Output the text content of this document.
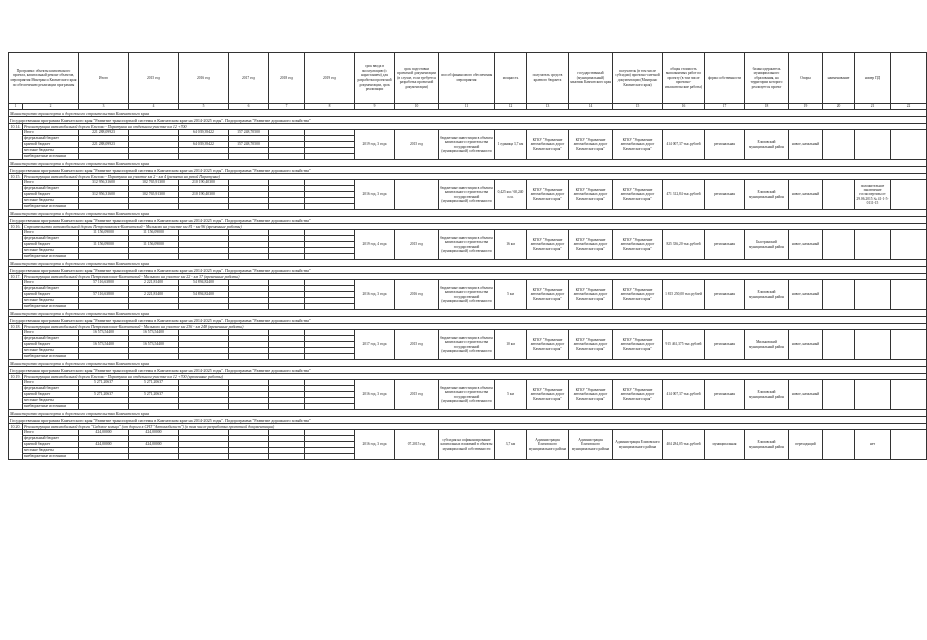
Программа: объекты комплексного проекта, капитальный ремонт объектов, мероприятия Минтранса Камчатского края по обеспечению реализации программы		Итого	2015 год	2016 год	2017 год	2018 год	2019 год	срок ввода в эксплуатацию (с нарастанием) для разработки проектной документации, срок реализации	срок подготовки проектной документации (в случае, если требуется разработка проектной документации)	способ финансового обеспечения мероприятия	мощность	получатель средств краевого бюджета	государственный (муниципальный) заказчик Камчатского края	получатель (в том числе субсидии) проектно-сметной документации (Минтранс Камчатского края)	общая стоимость выполняемых работ по проекту (в том числе проектно-изыскательские работы)	форма собственности	балансодержатель муниципального образования, на территории которого реализуется проект	Опоры	наименование	номер ПД	
1	2	3	4	5	6	7	8	9	10	11	12	13	14	15	16	17	18	19	20	21	22
Министерство транспорта и дорожного строительства Камчатского края																					
Государственная программа Камчатского края "Развитие транспортной системы в Камчатском крае на 2014-2025 годы". Подпрограмма "Развитие дорожного хозяйства"																					
10.14.	Реконструкция автомобильной дороги Елизово - Паратунка на отдельном участке км 12 +700																				
	Итого	221 288,09923		64 039,39422	157 248,70500			2019 год, 3 года	2015 год	бюджетные инвестиции в объекты капитального строительства государственной (муниципальной) собственности	1 единица 3,7 км	КГКУ "Управление автомобильных дорог Камчатского края"	КГКУ "Управление автомобильных дорог Камчатского края"	КГКУ "Управление автомобильных дорог Камчатского края"	414 007,37 тыс.рублей	региональная	Елизовский муниципальный район	новое, начальный			
	федеральный бюджет																				
	краевой бюджет	221 288,09923		64 039,39422	157 248,70500																
	местные бюджеты																				
	внебюджетные источники																				
Министерство транспорта и дорожного строительства Камчатского края																					
Государственная программа Камчатского края "Развитие транспортной системы в Камчатском крае на 2014-2025 годы". Подпрограмма "Развитие дорожного хозяйства"																					
10.15.	Реконструкция автомобильной дороги Елизово - Паратунка на участке км 2 - км 4 (развязка на рекой Паратунка)																				
	Итого	312 956,31600	102 765,91300	210 190,40300				2016 год, 3 года		бюджетные инвестиции в объекты капитального строительства государственной (муниципальной) собственности	0,425 км / 60,240 п.м.	КГКУ "Управление автомобильных дорог Камчатского края"	КГКУ "Управление автомобильных дорог Камчатского края"	КГКУ "Управление автомобильных дорог Камчатского края"	471 312,84 тыс.рублей	региональная	Елизовский муниципальный район	новое, начальный		положительное заключение госэкспертизы от 29.06.2015 № 41-1-5-0111-15	
	федеральный бюджет																				
	краевой бюджет	312 956,31600	102 765,91300	210 190,40300																	
	местные бюджеты																				
	внебюджетные источники																				
Министерство транспорта и дорожного строительства Камчатского края																					
Государственная программа Камчатского края "Развитие транспортной системы в Камчатском крае на 2014-2025 годы". Подпрограмма "Развитие дорожного хозяйства"																					
10.16.	Строительство автомобильной дороги Петропавловск-Камчатский - Мильково на участке км 81 - км 96 (временные работы)																				
	Итого	11 156,09000	11 156,09000					2019 год, 4 года	2015 год	бюджетные инвестиции в объекты капитального строительства государственной (муниципальной) собственности	16 км	КГКУ "Управление автомобильных дорог Камчатского края"	КГКУ "Управление автомобильных дорог Камчатского края"	КГКУ "Управление автомобильных дорог Камчатского края"	825 336,20 тыс.рублей	региональная	Быстринский муниципальный район	новое, начальный			
	федеральный бюджет																				
	краевой бюджет	11 156,09000	11 156,09000																		
	местные бюджеты																				
	внебюджетные источники																				
Министерство транспорта и дорожного строительства Камчатского края																					
Государственная программа Камчатского края "Развитие транспортной системы в Камчатском крае на 2014-2025 годы". Подпрограмма "Развитие дорожного хозяйства"																					
10.17.	Реконструкция автомобильной дороги Петропавловск-Камчатский - Мильково на участке км 22 - км 37 (временные работы)																				
	Итого	57 116,63800	2 221,81400	54 894,82400				2016 год, 3 года	2016 год	бюджетные инвестиции в объекты капитального строительства государственной (муниципальной) собственности	5 км	КГКУ "Управление автомобильных дорог Камчатского края"	КГКУ "Управление автомобильных дорог Камчатского края"	КГКУ "Управление автомобильных дорог Камчатского края"	1 815 250,00 тыс.рублей	региональная	Елизовский муниципальный район	новое, начальный			
	федеральный бюджет																				
	краевой бюджет	57 116,63800	2 221,81400	54 894,82400																	
	местные бюджеты																				
	внебюджетные источники																				
Министерство транспорта и дорожного строительства Камчатского края																					
Государственная программа Камчатского края "Развитие транспортной системы в Камчатском крае на 2014-2025 годы". Подпрограмма "Развитие дорожного хозяйства"																					
10.18.	Реконструкция автомобильной дороги Петропавловск-Камчатский - Мильково на участке км 236 - км 248 (временные работы)																				
	Итого	16 573,54400	16 573,54400					2017 год, 3 года	2015 год	бюджетные инвестиции в объекты капитального строительства государственной (муниципальной) собственности	10 км	КГКУ "Управление автомобильных дорог Камчатского края"	КГКУ "Управление автомобильных дорог Камчатского края"	КГКУ "Управление автомобильных дорог Камчатского края"	915 461,375 тыс.рублей	региональная	Мильковский муниципальный район	новое, начальный			
	федеральный бюджет																				
	краевой бюджет	16 573,54400	16 573,54400																		
	местные бюджеты																				
	внебюджетные источники																				
Министерство транспорта и дорожного строительства Камчатского края																					
Государственная программа Камчатского края "Развитие транспортной системы в Камчатском крае на 2014-2025 годы". Подпрограмма "Развитие дорожного хозяйства"																					
10.19.	Реконструкция автомобильной дороги Елизово - Паратунка на отдельном участке км 12 +700 (временные работы)																				
	Итого	5 271,20637	5 271,20637					2016 год, 3 года	2015 год	бюджетные инвестиции в объекты капитального строительства государственной (муниципальной) собственности	5 км	КГКУ "Управление автомобильных дорог Камчатского края"	КГКУ "Управление автомобильных дорог Камчатского края"	КГКУ "Управление автомобильных дорог Камчатского края"	414 007,37 тыс.рублей	региональная	Елизовский муниципальный район	новое, начальный			
	федеральный бюджет																				
	краевой бюджет	5 271,20637	5 271,20637																		
	местные бюджеты																				
	внебюджетные источники																				
Министерство транспорта и дорожного строительства Камчатского края																					
Государственная программа Камчатского края "Развитие транспортной системы в Камчатском крае на 2014-2025 годы". Подпрограмма "Развитие дорожного хозяйства"																					
10.20.	Реконструкция автомобильной дороги "Садовое кольцо" (от дороги к СНТ "Автомобилист") (в том числе разработка проектной документации)																				
	Итого	424,00000	424,00000					2016 год, 3 года	07.2015 год	субсидия на софинансирование капитальных вложений в объекты муниципальной собственности	3,7 км	Администрация Елизовского муниципального района	Администрация Елизовского муниципального района	Администрация Елизовского муниципального района	404 284,05 тыс.рублей	муниципальная	Елизовский муниципальный район	переходящий		нет	
	федеральный бюджет																				
	краевой бюджет	424,00000	424,00000																		
	местные бюджеты																				
	внебюджетные источники																				
